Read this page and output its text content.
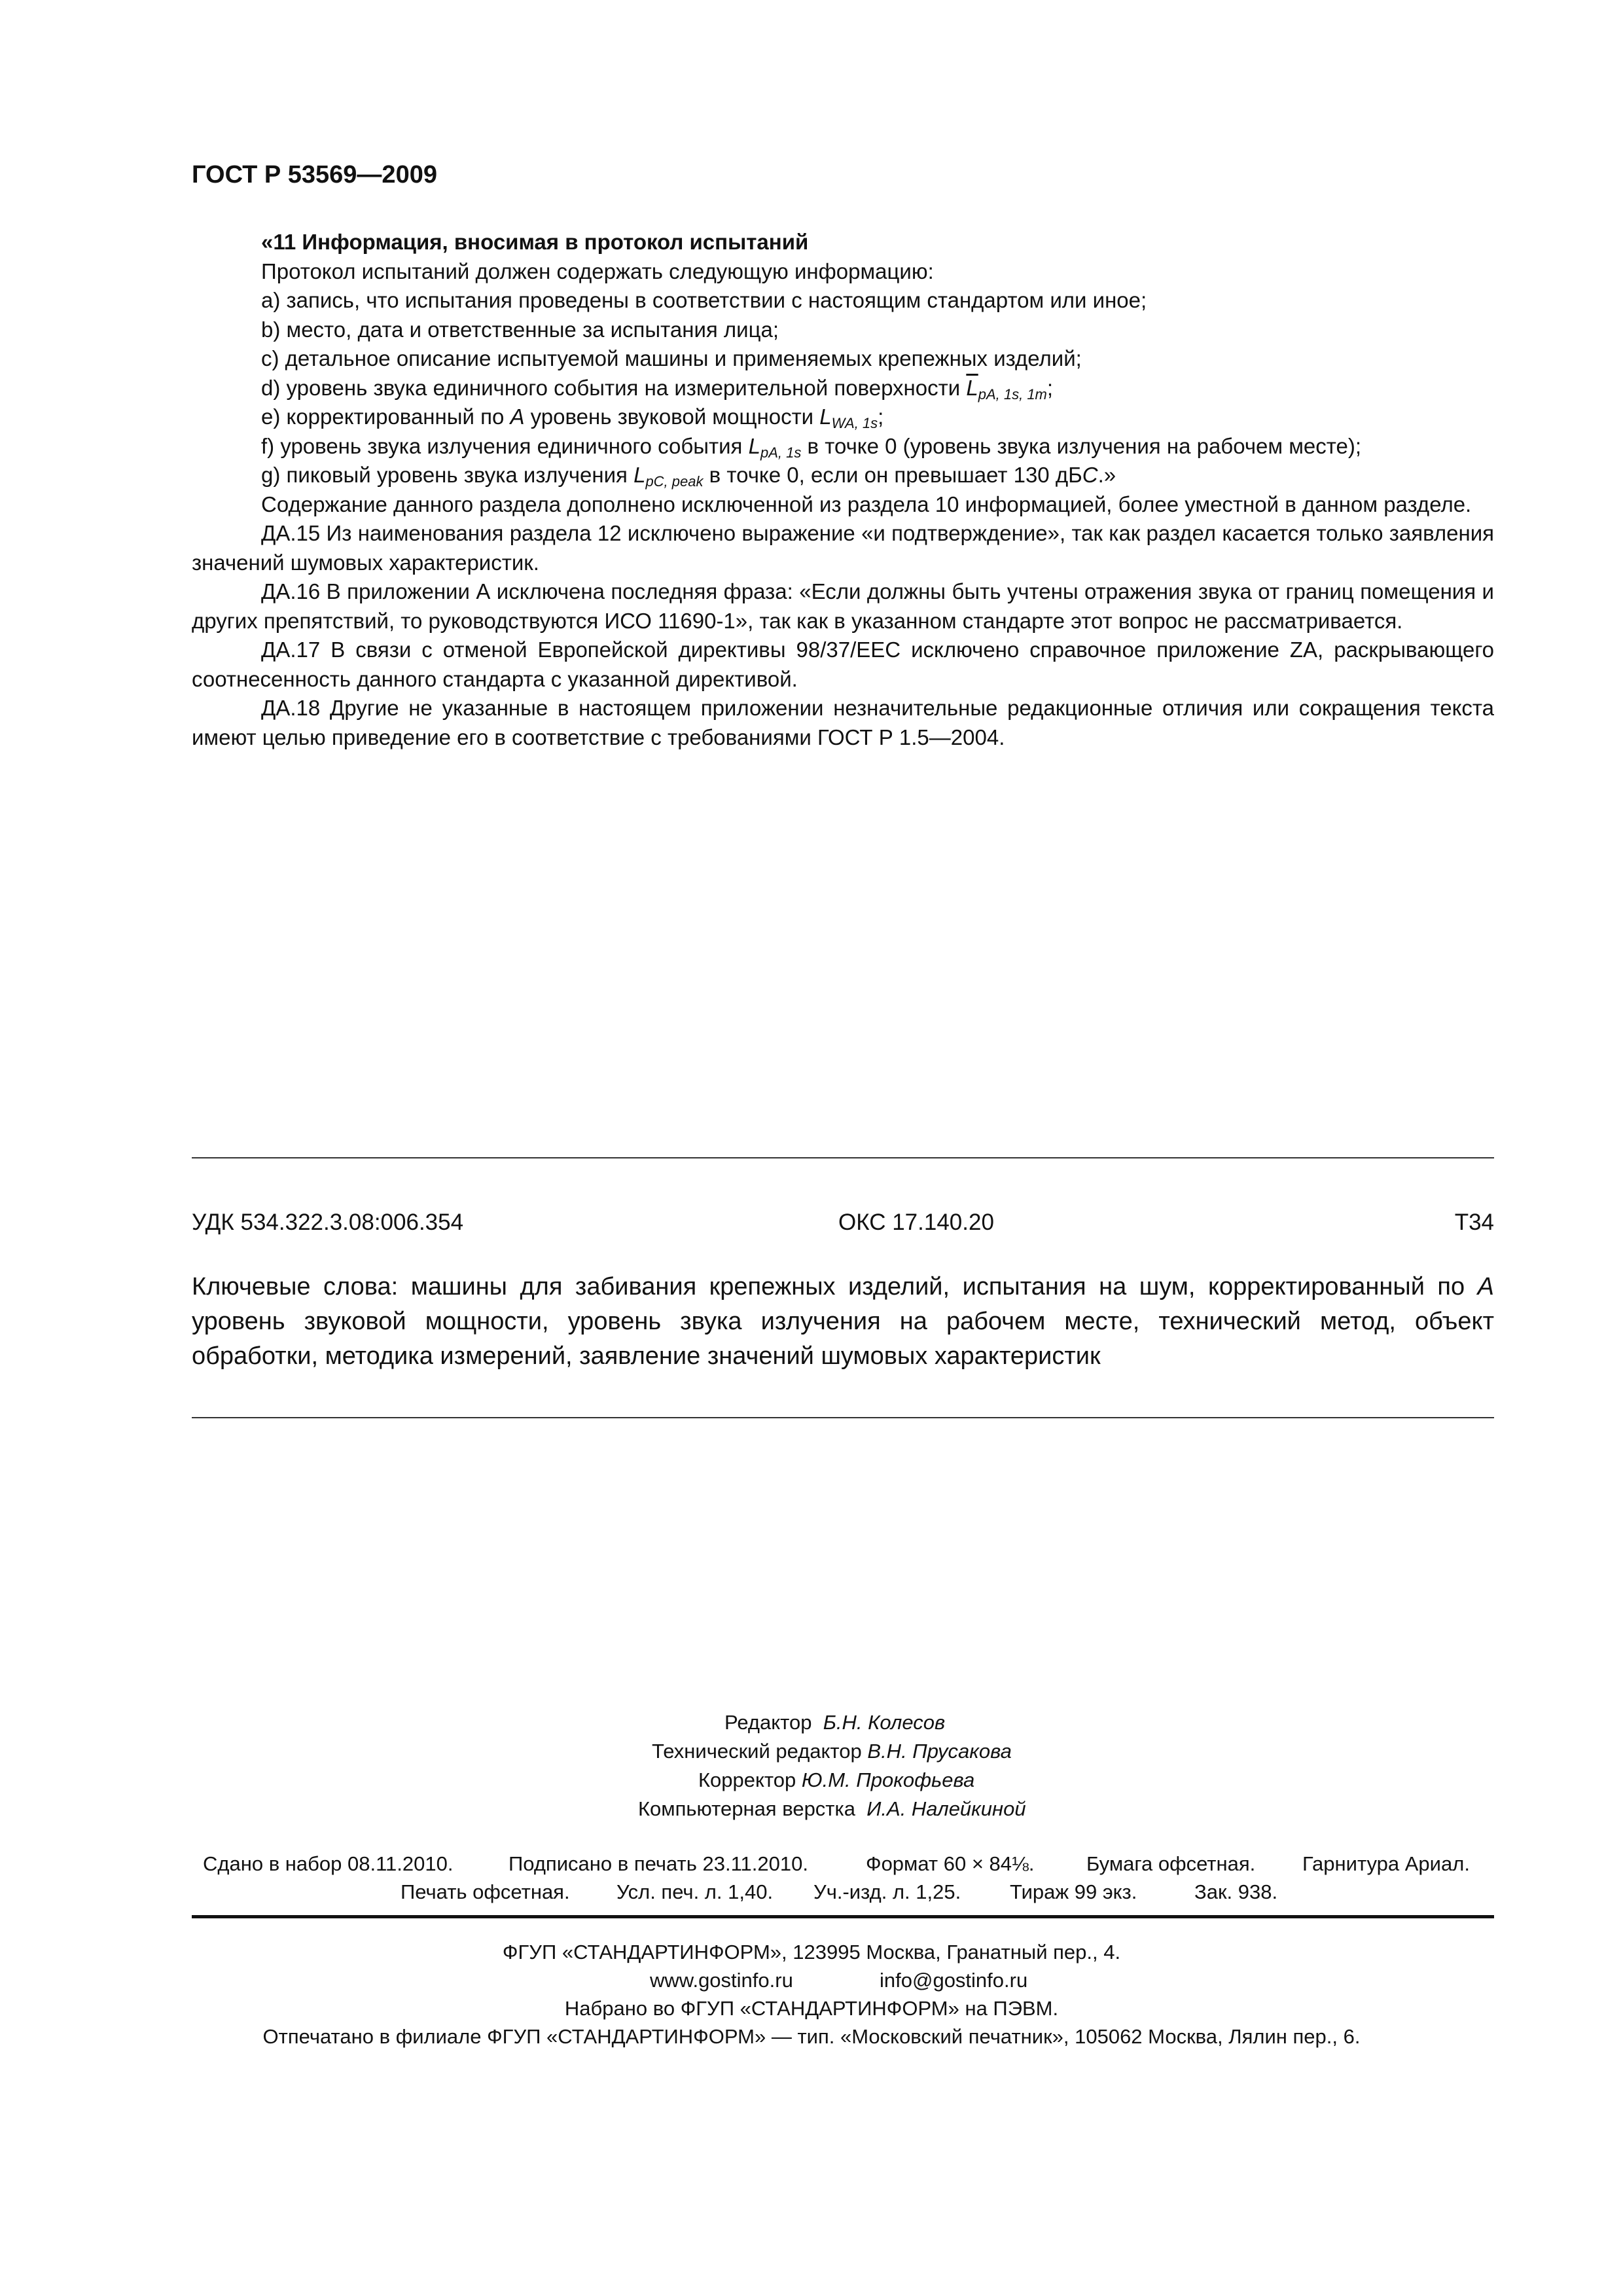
ГОСТ Р 53569—2009
«11 Информация, вносимая в протокол испытаний
Протокол испытаний должен содержать следующую информацию:
a) запись, что испытания проведены в соответствии с настоящим стандартом или иное;
b) место, дата и ответственные за испытания лица;
c) детальное описание испытуемой машины и применяемых крепежных изделий;
d) уровень звука единичного события на измерительной поверхности $\overline{L}_{pA, 1s, 1m}$;
e) корректированный по A уровень звуковой мощности $L_{WA, 1s}$;
f) уровень звука излучения единичного события $L_{pA, 1s}$ в точке 0 (уровень звука излучения на рабочем месте);
g) пиковый уровень звука излучения $L_{pC, peak}$ в точке 0, если он превышает 130 дБC.»
Содержание данного раздела дополнено исключенной из раздела 10 информацией, более уместной в данном разделе.
ДА.15 Из наименования раздела 12 исключено выражение «и подтверждение», так как раздел касается только заявления значений шумовых характеристик.
ДА.16 В приложении А исключена последняя фраза: «Если должны быть учтены отражения звука от границ помещения и других препятствий, то руководствуются ИСО 11690-1», так как в указанном стандарте этот вопрос не рассматривается.
ДА.17 В связи с отменой Европейской директивы 98/37/EEC исключено справочное приложение ZA, раскрывающего соотнесенность данного стандарта с указанной директивой.
ДА.18 Другие не указанные в настоящем приложении незначительные редакционные отличия или сокращения текста имеют целью приведение его в соответствие с требованиями ГОСТ Р 1.5—2004.
УДК 534.322.3.08:006.354	ОКС 17.140.20	Т34
Ключевые слова: машины для забивания крепежных изделий, испытания на шум, корректированный по A уровень звуковой мощности, уровень звука излучения на рабочем месте, технический метод, объект обработки, методика измерений, заявление значений шумовых характеристик
Редактор Б.Н. Колесов
Технический редактор В.Н. Прусакова
Корректор Ю.М. Прокофьева
Компьютерная верстка И.А. Налейкиной
Сдано в набор 08.11.2010.	Подписано в печать 23.11.2010.	Формат 60 × 84⅛.	Бумага офсетная. Гарнитура Ариал.
Печать офсетная. Усл. печ. л. 1,40. Уч.-изд. л. 1,25. Тираж 99 экз.	Зак. 938.
ФГУП «СТАНДАРТИНФОРМ», 123995 Москва, Гранатный пер., 4.
www.gostinfo.ru	info@gostinfo.ru
Набрано во ФГУП «СТАНДАРТИНФОРМ» на ПЭВМ.
Отпечатано в филиале ФГУП «СТАНДАРТИНФОРМ» — тип. «Московский печатник», 105062 Москва, Лялин пер., 6.
